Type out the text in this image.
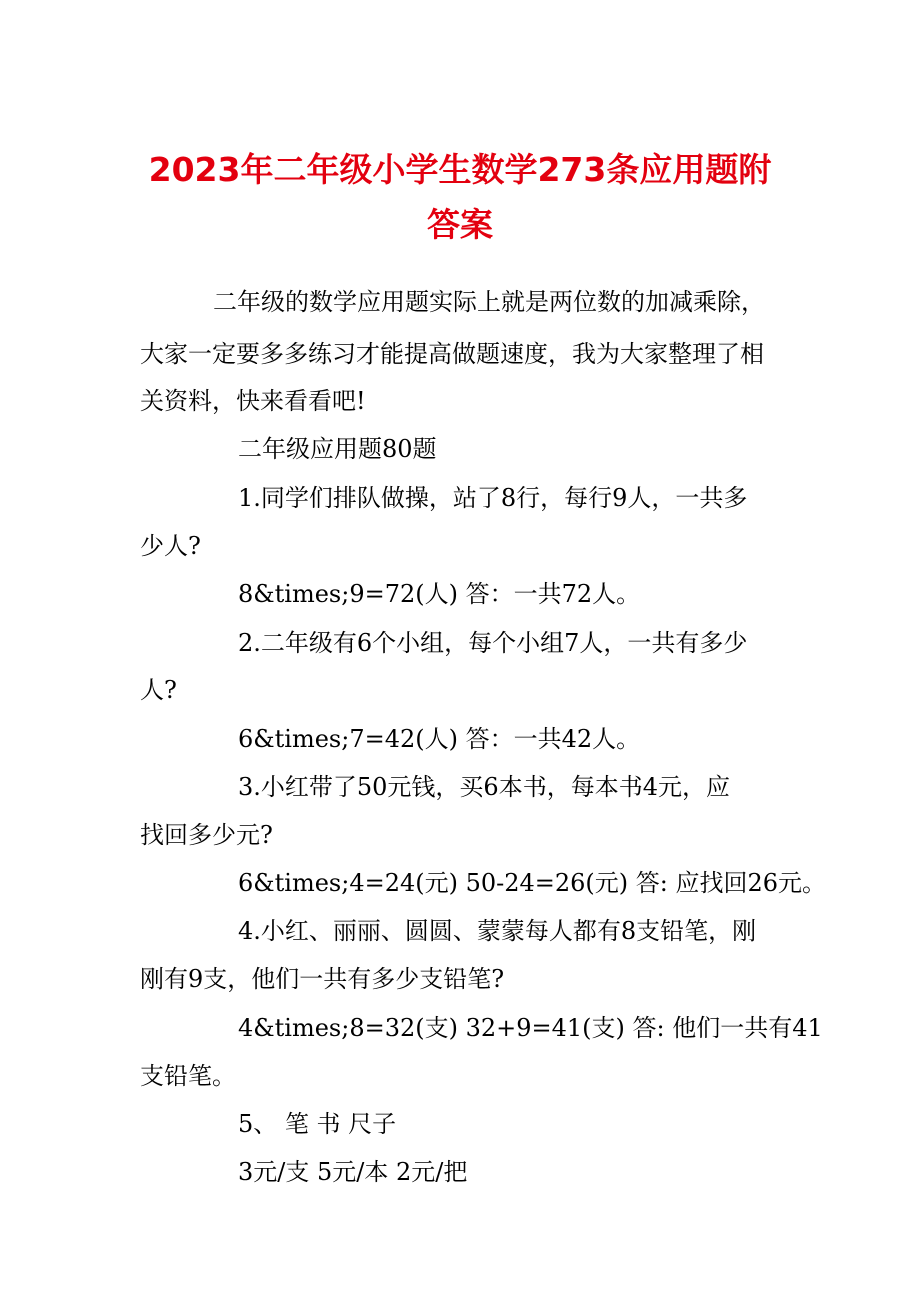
2023年二年级小学生数学273条应用题附
答案
二年级的数学应用题实际上就是两位数的加减乘除，
大家一定要多多练习才能提高做题速度，我为大家整理了相
关资料，快来看看吧!
二年级应用题80题
1.同学们排队做操，站了8行，每行9人，一共多
少人?
8&times;9=72(人) 答：一共72人。
2.二年级有6个小组，每个小组7人，一共有多少
人?
6&times;7=42(人) 答：一共42人。
3.小红带了50元钱，买6本书，每本书4元，应
找回多少元?
6&times;4=24(元) 50-24=26(元) 答: 应找回26元。
4.小红、丽丽、圆圆、蒙蒙每人都有8支铅笔，刚
刚有9支，他们一共有多少支铅笔?
4&times;8=32(支) 32+9=41(支) 答: 他们一共有41
支铅笔。
5、 笔 书 尺子
3元/支 5元/本 2元/把
